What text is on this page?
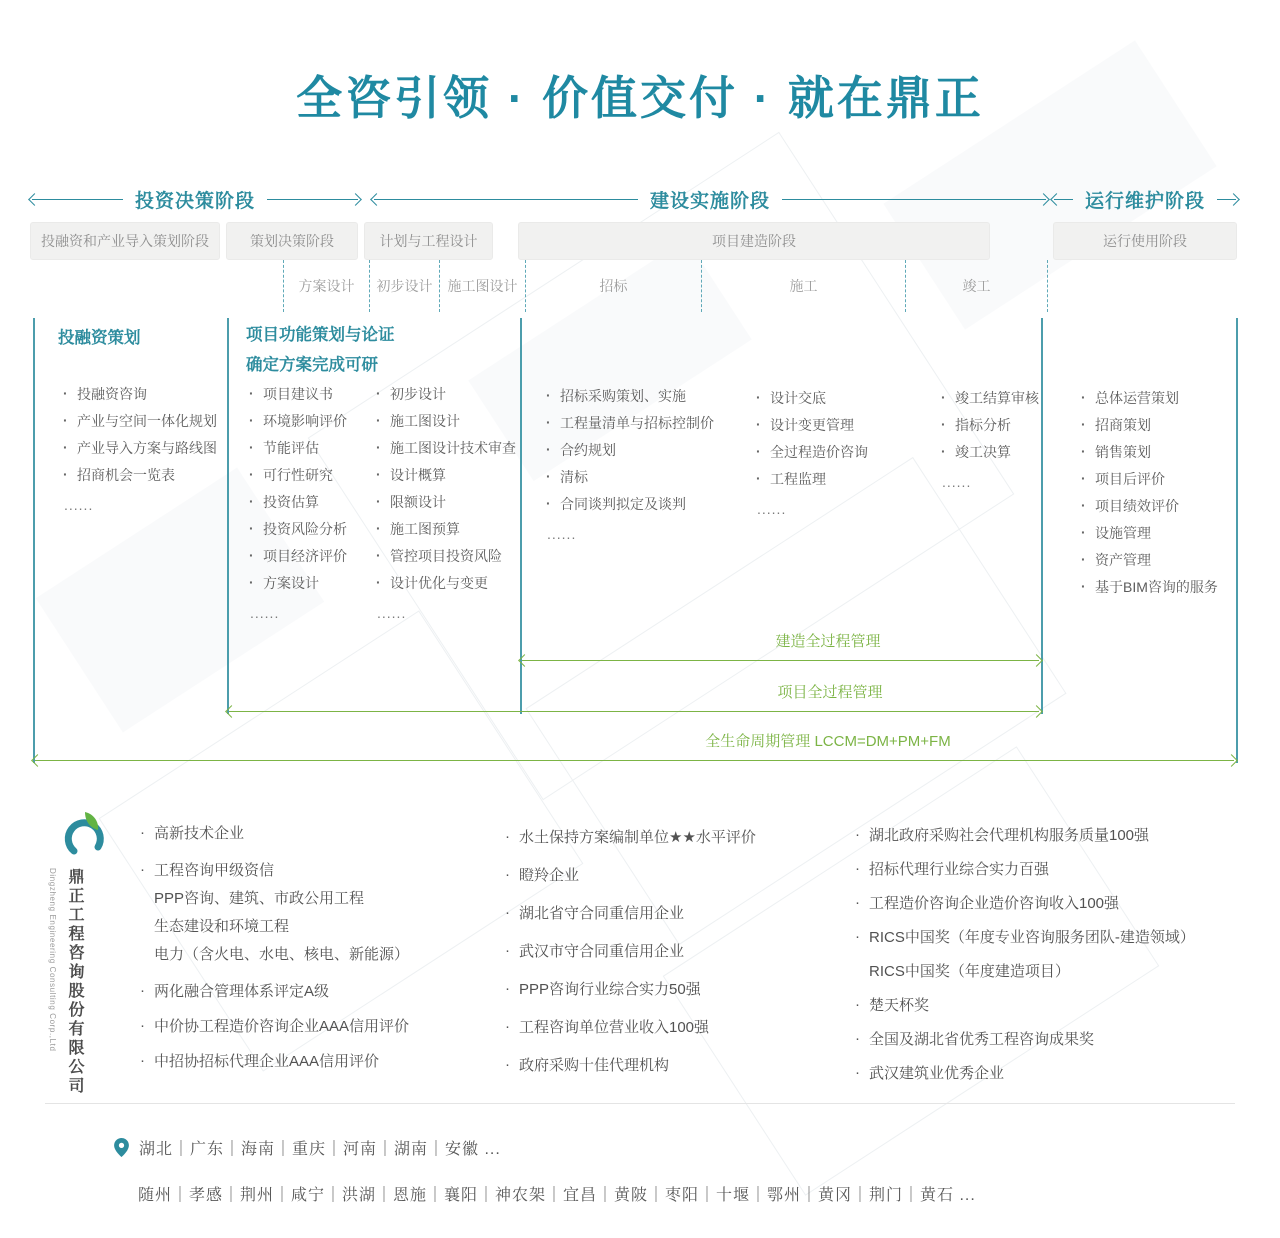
全咨引领 · 价值交付 · 就在鼎正
投资决策阶段	建设实施阶段	运行维护阶段
投融资和产业导入策划阶段	策划决策阶段	计划与工程设计	项目建造阶段	运行使用阶段
方案设计 初步设计 施工图设计	招标	施工	竣工
投融资策划	项目功能策划与论证
确定方案完成可研
· 投融资咨询
· 产业与空间一体化规划
· 产业导入方案与路线图
· 招商机会一览表
......
· 项目建议书
· 环境影响评价
· 节能评估
· 可行性研究
· 投资估算
· 投资风险分析
· 项目经济评价
· 方案设计
......
· 初步设计
· 施工图设计
· 施工图设计技术审查
· 设计概算
· 限额设计
· 施工图预算
· 管控项目投资风险
· 设计优化与变更
......
· 招标采购策划、实施
· 工程量清单与招标控制价
· 合约规划
· 清标
· 合同谈判拟定及谈判
......
· 设计交底
· 设计变更管理
· 全过程造价咨询
· 工程监理
......
· 竣工结算审核
· 指标分析
· 竣工决算
......
· 总体运营策划
· 招商策划
· 销售策划
· 项目后评价
· 项目绩效评价
· 设施管理
· 资产管理
· 基于BIM咨询的服务
建造全过程管理
项目全过程管理
全生命周期管理 LCCM=DM+PM+FM
鼎正工程咨询股份有限公司
Dingzheng Engineering Consulting Corp.,Ltd
· 高新技术企业
· 工程咨询甲级资信
PPP咨询、建筑、市政公用工程
生态建设和环境工程
电力（含火电、水电、核电、新能源）
· 两化融合管理体系评定A级
· 中价协工程造价咨询企业AAA信用评价
· 中招协招标代理企业AAA信用评价
· 水土保持方案编制单位★★水平评价
· 瞪羚企业
· 湖北省守合同重信用企业
· 武汉市守合同重信用企业
· PPP咨询行业综合实力50强
· 工程咨询单位营业收入100强
· 政府采购十佳代理机构
· 湖北政府采购社会代理机构服务质量100强
· 招标代理行业综合实力百强
· 工程造价咨询企业造价咨询收入100强
· RICS中国奖（年度专业咨询服务团队-建造领域）
RICS中国奖（年度建造项目）
· 楚天杯奖
· 全国及湖北省优秀工程咨询成果奖
· 武汉建筑业优秀企业
湖北｜广东｜海南｜重庆｜河南｜湖南｜安徽 ...
随州｜孝感｜荆州｜咸宁｜洪湖｜恩施｜襄阳｜神农架｜宜昌｜黄陂｜枣阳｜十堰｜鄂州｜黄冈｜荆门｜黄石 ...
